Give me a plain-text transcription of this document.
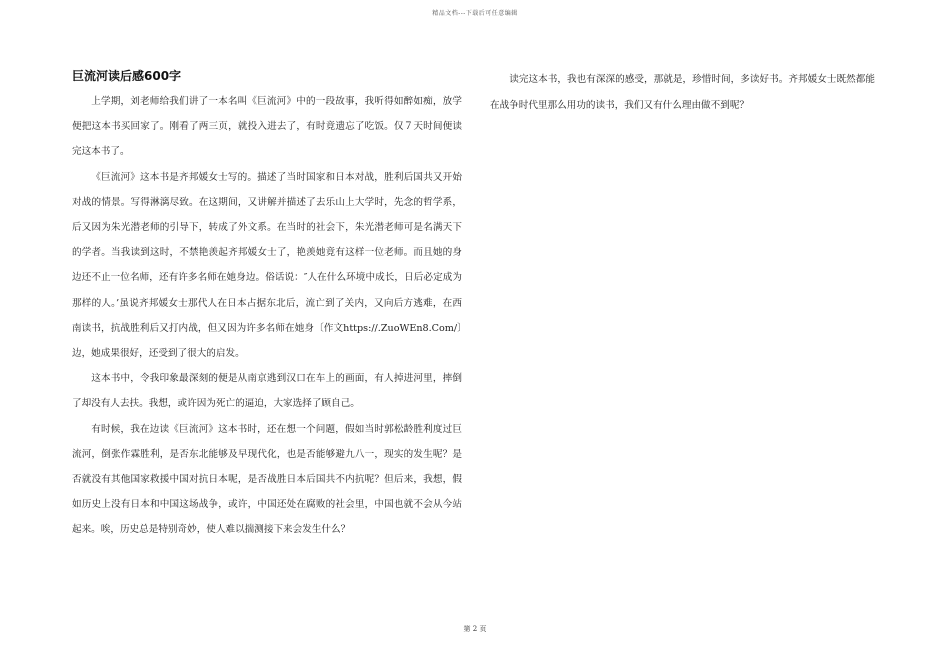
精品文档---下载后可任意编辑
巨流河读后感600字

上学期，刘老师给我们讲了一本名叫《巨流河》中的一段故事，我听得如醉如痴，放学便把这本书买回家了。刚看了两三页，就投入进去了，有时竟遗忘了吃饭。仅７天时间便读完这本书了。

《巨流河》这本书是齐邦媛女士写的。描述了当时国家和日本对战，胜利后国共又开始对战的情景。写得淋漓尽致。在这期间，又讲解并描述了去乐山上大学时，先念的哲学系，后又因为朱光潜老师的引导下，转成了外文系。在当时的社会下，朱光潜老师可是名满天下的学者。当我读到这时，不禁艳羡起齐邦媛女士了，艳羡她竟有这样一位老师。而且她的身边还不止一位名师，还有许多名师在她身边。俗话说：″人在什么环境中成长，日后必定成为那样的人。’虽说齐邦媛女士那代人在日本占据东北后，流亡到了关内，又向后方逃难，在西南读书，抗战胜利后又打内战，但又因为许多名师在她身〔作文https://.ZuoWEn8.Com/〕边，她成果很好，还受到了很大的启发。

这本书中，令我印象最深刻的便是从南京逃到汉口在车上的画面，有人掉进河里，摔倒了却没有人去扶。我想，或许因为死亡的逼迫，大家选择了顾自己。

有时候，我在边读《巨流河》这本书时，还在想一个问题，假如当时郭松龄胜利度过巨流河，倒张作霖胜利，是否东北能够及早现代化，也是否能够避九八一，现实的发生呢？是否就没有其他国家救援中国对抗日本呢，是否战胜日本后国共不内抗呢？但后来，我想，假如历史上没有日本和中国这场战争，或许，中国还处在腐败的社会里，中国也就不会从今站起来。唉，历史总是特别奇妙，使人难以揣测接下来会发生什么？

读完这本书，我也有深深的感受，那就是，珍惜时间，多读好书。齐邦媛女士既然都能在战争时代里那么用功的读书，我们又有什么理由做不到呢？

第 2 页
